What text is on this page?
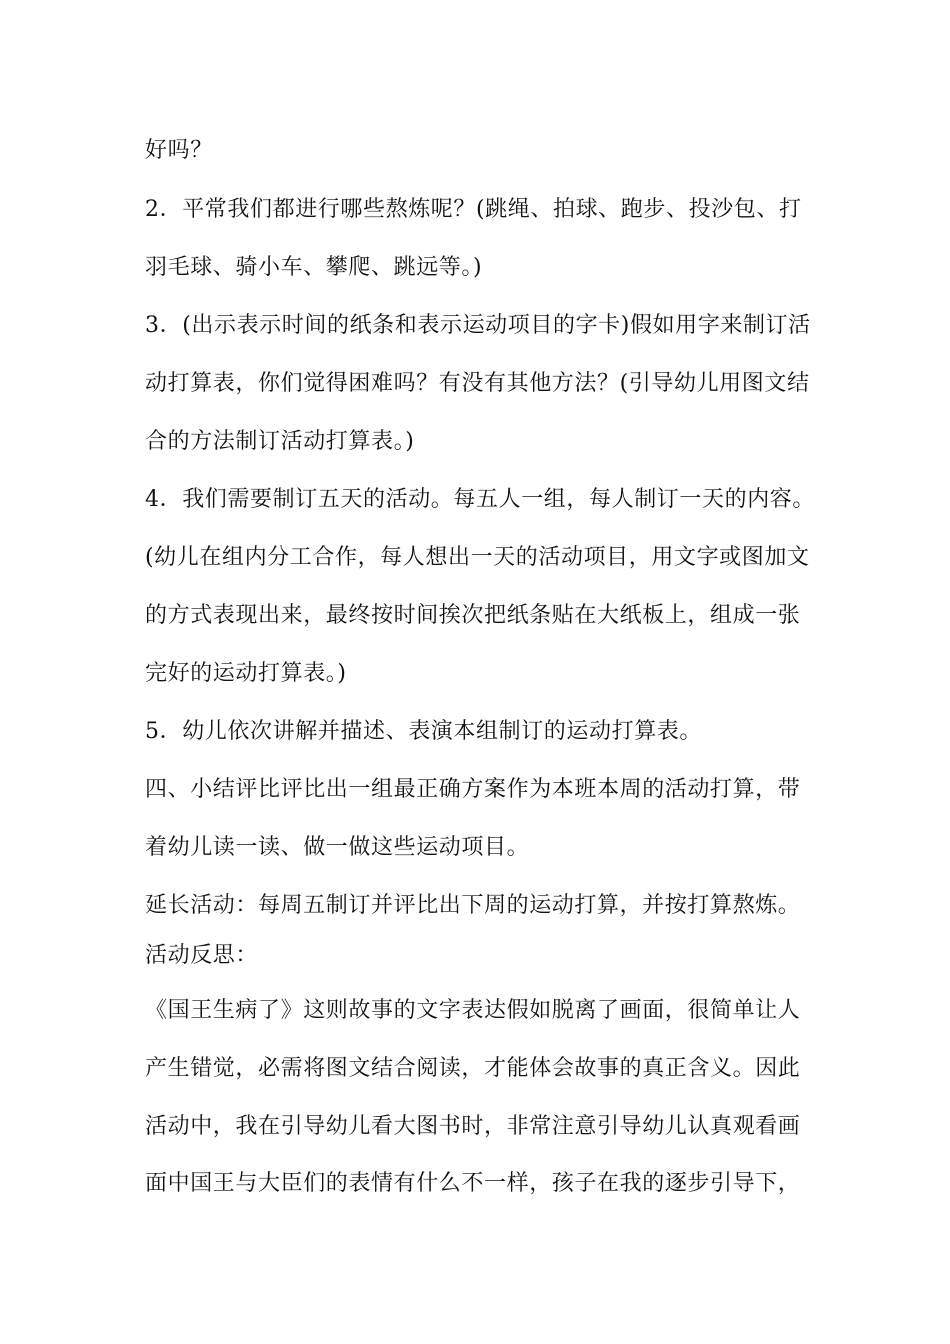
好吗？
2．平常我们都进行哪些熬炼呢？(跳绳、拍球、跑步、投沙包、打
羽毛球、骑小车、攀爬、跳远等。)
3．(出示表示时间的纸条和表示运动项目的字卡)假如用字来制订活
动打算表，你们觉得困难吗？有没有其他方法？(引导幼儿用图文结
合的方法制订活动打算表。)
4．我们需要制订五天的活动。每五人一组，每人制订一天的内容。
(幼儿在组内分工合作，每人想出一天的活动项目，用文字或图加文
的方式表现出来，最终按时间挨次把纸条贴在大纸板上，组成一张
完好的运动打算表。)
5．幼儿依次讲解并描述、表演本组制订的运动打算表。
四、小结评比评比出一组最正确方案作为本班本周的活动打算，带
着幼儿读一读、做一做这些运动项目。
延长活动：每周五制订并评比出下周的运动打算，并按打算熬炼。
活动反思：
《国王生病了》这则故事的文字表达假如脱离了画面，很简单让人
产生错觉，必需将图文结合阅读，才能体会故事的真正含义。因此
活动中，我在引导幼儿看大图书时，非常注意引导幼儿认真观看画
面中国王与大臣们的表情有什么不一样，孩子在我的逐步引导下，
